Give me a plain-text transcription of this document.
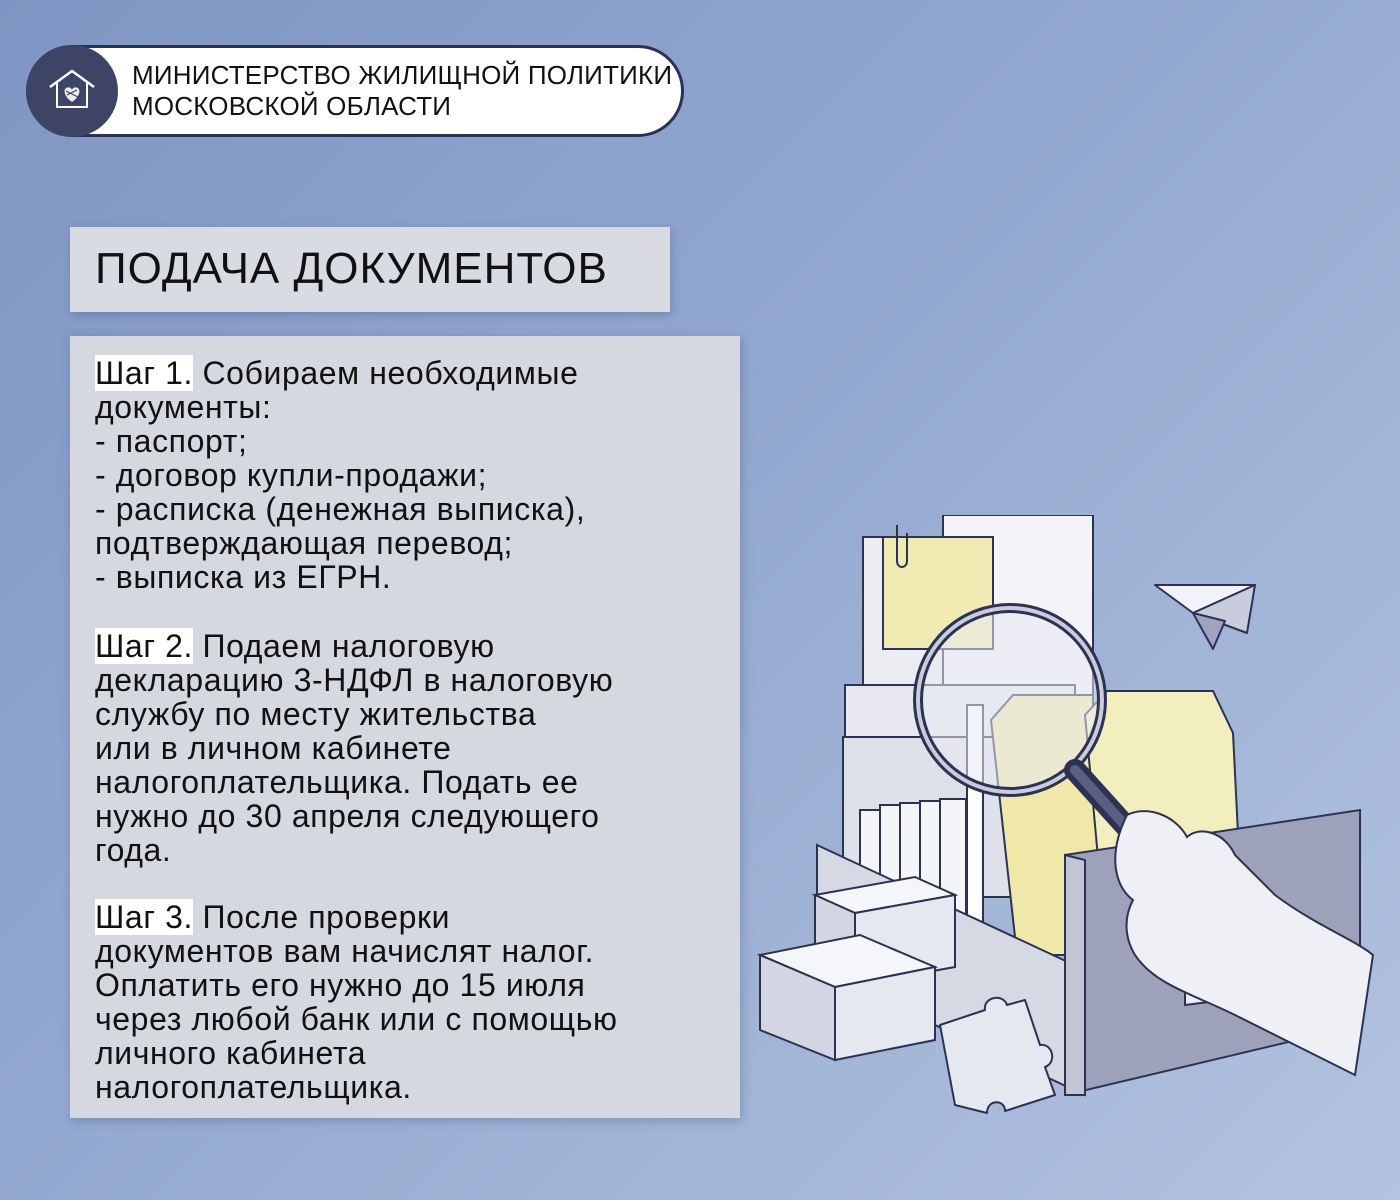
МИНИСТЕРСТВО ЖИЛИЩНОЙ ПОЛИТИКИ
МОСКОВСКОЙ ОБЛАСТИ
ПОДАЧА ДОКУМЕНТОВ
Шаг 1. Собираем необходимые
документы:
- паспорт;
- договор купли-продажи;
- расписка (денежная выписка),
подтверждающая перевод;
- выписка из ЕГРН.
Шаг 2. Подаем налоговую
декларацию 3-НДФЛ в налоговую
службу по месту жительства
или в личном кабинете
налогоплательщика. Подать ее
нужно до 30 апреля следующего
года.
Шаг 3. После проверки
документов вам начислят налог.
Оплатить его нужно до 15 июля
через любой банк или с помощью
личного кабинета
налогоплательщика.
